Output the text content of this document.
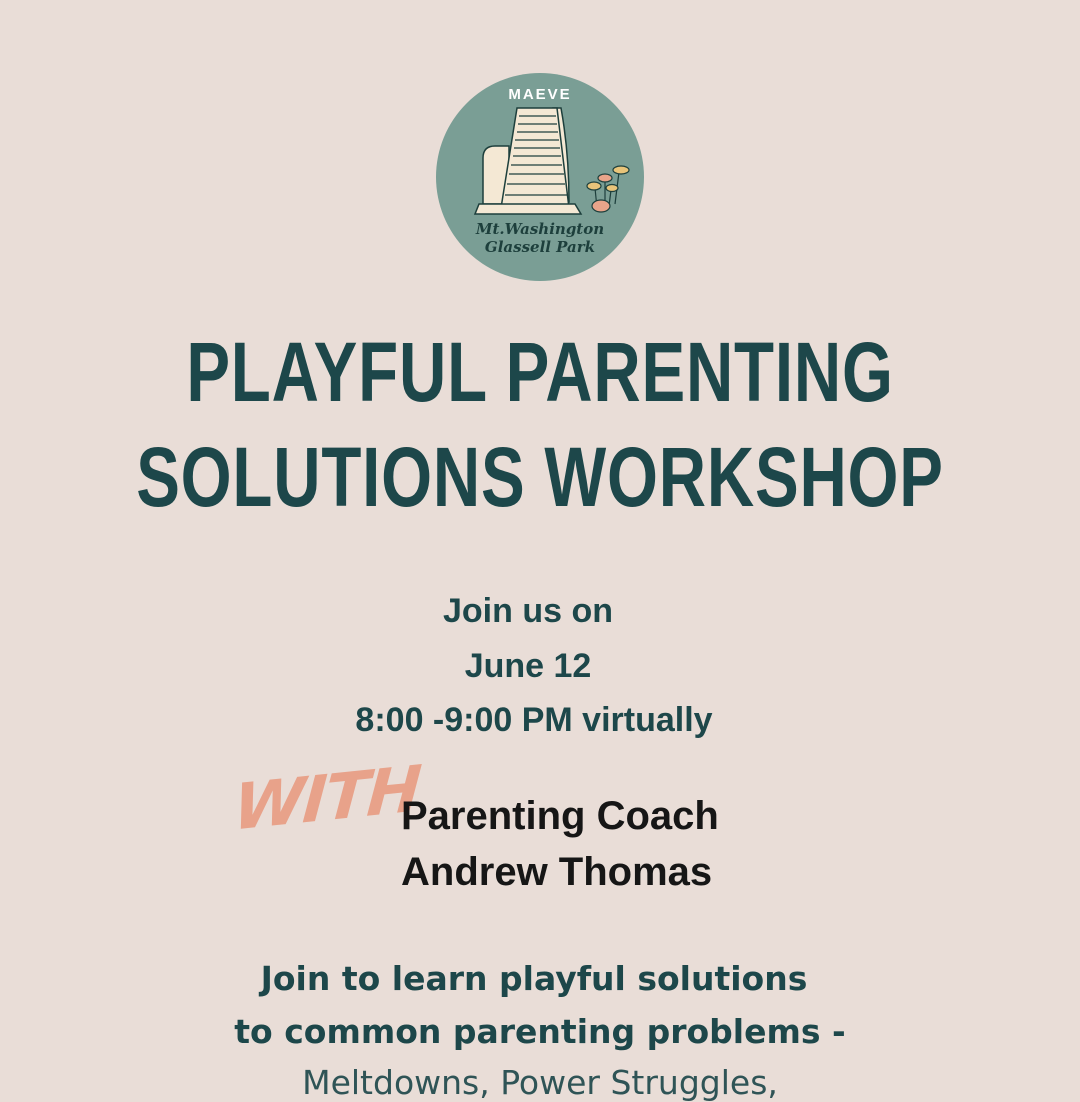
MAEVE
Mt.Washington
Glassell Park
PLAYFUL PARENTING
SOLUTIONS WORKSHOP
Join us on
June 12
8:00 -9:00 PM virtually
WITH
Parenting Coach
Andrew Thomas
Join to learn playful solutions
to common parenting problems -
Meltdowns, Power Struggles,
